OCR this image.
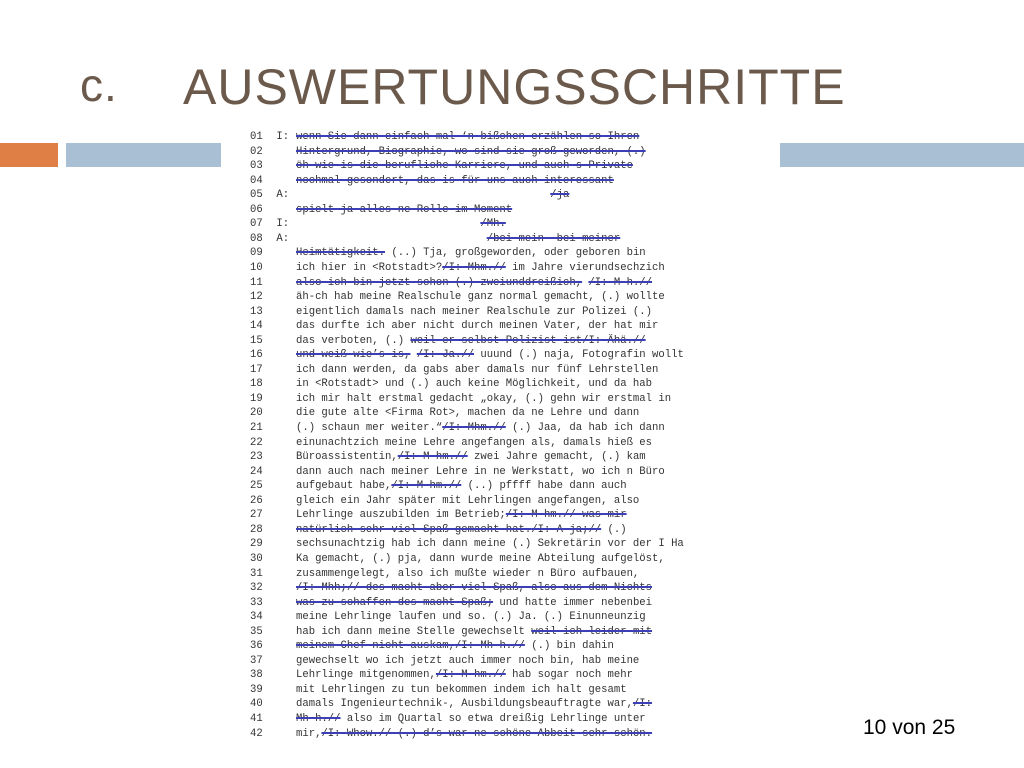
c. AUSWERTUNGSSCHRITTE
01 I: wenn Sie dann einfach mal ‘n bißchen erzählen so Ihren
02	Hintergrund, Biographie, wo sind sie groß geworden, (.)
03	öh wie is die berufliche Karriere, und auch s Private
04	nochmal gesondert, das is für uns auch interessant
05 A:	/ja
06	spielt ja alles ne Rolle im Moment
07 I:	/Mh.
08 A:	/bei mein- bei meiner
09	Heimtätigkeit. (..) Tja, großgeworden, oder geboren bin
10	ich hier in <Rotstadt>?/I: Mhm.// im Jahre vierundsechzich
11	also ich bin jetzt schon (.) zweiunddreißich, /I: M-h.//
12	äh-ch hab meine Realschule ganz normal gemacht, (.) wollte
13	eigentlich damals nach meiner Realschule zur Polizei (.)
14	das durfte ich aber nicht durch meinen Vater, der hat mir
15	das verboten, (.) weil er selbst Polizist ist/I: Ähä.//
16	und weiß wie’s is, /I: Ja.// uuund (.) naja, Fotografin wollt
17	ich dann werden, da gabs aber damals nur fünf Lehrstellen
18	in <Rotstadt> und (.) auch keine Möglichkeit, und da hab
19	ich mir halt erstmal gedacht „okay, (.) gehn wir erstmal in
20	die gute alte <Firma Rot>, machen da ne Lehre und dann
21	(.) schaun mer weiter.“/I: Mhm.// (.) Jaa, da hab ich dann
22	einunachtzich meine Lehre angefangen als, damals hieß es
23	Büroassistentin,/I: M-hm.// zwei Jahre gemacht, (.) kam
24	dann auch nach meiner Lehre in ne Werkstatt, wo ich n Büro
25	aufgebaut habe,/I: M-hm.// (..) pffff habe dann auch
26	gleich ein Jahr später mit Lehrlingen angefangen, also
27	Lehrlinge auszubilden im Betrieb;/I: M-hm.// was mir
28	natürlich sehr viel Spaß gemacht hat./I: A-ja;// (.)
29	sechsunachtzig hab ich dann meine (.) Sekretärin vor der I Ha
30	Ka gemacht, (.) pja, dann wurde meine Abteilung aufgelöst,
31	zusammengelegt, also ich mußte wieder n Büro aufbauen,
32	/I: Mhh;// des macht aber viel Spaß, also aus dem Nichts
33	was zu schaffen des macht Spaß; und hatte immer nebenbei
34	meine Lehrlinge laufen und so. (.) Ja. (.) Einunneunzig
35	hab ich dann meine Stelle gewechselt weil ich leider mit
36	meinem Chef nicht auskam,/I: Mh-h.// (.) bin dahin
37	gewechselt wo ich jetzt auch immer noch bin, hab meine
38	Lehrlinge mitgenommen,/I: M-hm.// hab sogar noch mehr
39	mit Lehrlingen zu tun bekommen indem ich halt gesamt
40	damals Ingenieurtechnik-, Ausbildungsbeauftragte war,/I:
41	Mh-h.// also im Quartal so etwa dreißig Lehrlinge unter
42	mir,/I: Whow.// (.) d’s war ne schöne Abbeit sehr schön.	10 von 25
